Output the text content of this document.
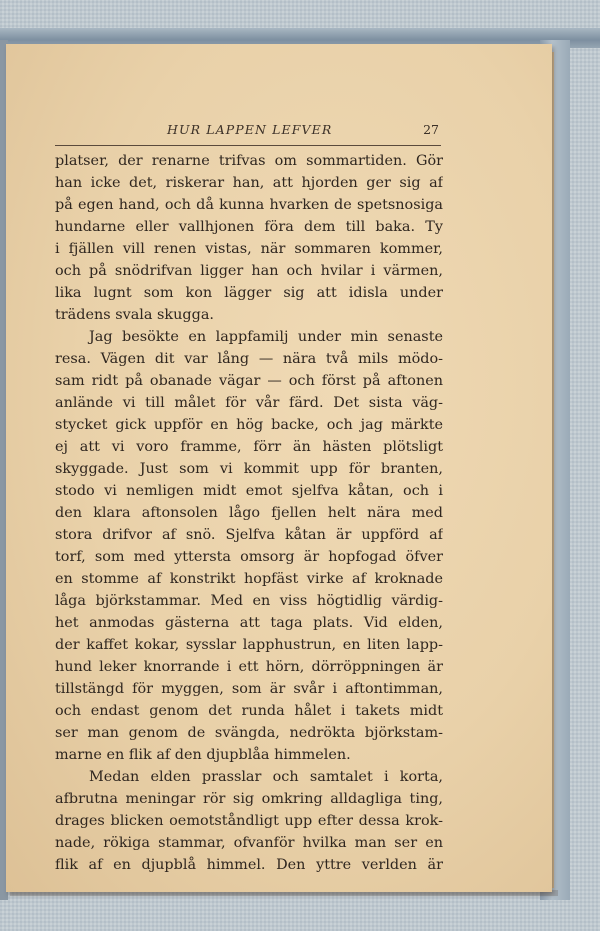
HUR LAPPEN LEFVER	27
platser, der renarne trifvas om sommartiden. Gör
han icke det, riskerar han, att hjorden ger sig af
på egen hand, och då kunna hvarken de spetsnosiga
hundarne eller vallhjonen föra dem till baka. Ty
i fjällen vill renen vistas, när sommaren kommer,
och på snödrifvan ligger han och hvilar i värmen,
lika lugnt som kon lägger sig att idisla under
trädens svala skugga.
Jag besökte en lappfamilj under min senaste
resa. Vägen dit var lång — nära två mils mödo-
sam ridt på obanade vägar — och först på aftonen
anlände vi till målet för vår färd. Det sista väg-
stycket gick uppför en hög backe, och jag märkte
ej att vi voro framme, förr än hästen plötsligt
skyggade. Just som vi kommit upp för branten,
stodo vi nemligen midt emot sjelfva kåtan, och i
den klara aftonsolen lågo fjellen helt nära med
stora drifvor af snö. Sjelfva kåtan är uppförd af
torf, som med yttersta omsorg är hopfogad öfver
en stomme af konstrikt hopfäst virke af kroknade
låga björkstammar. Med en viss högtidlig värdig-
het anmodas gästerna att taga plats. Vid elden,
der kaffet kokar, sysslar lapphustrun, en liten lapp-
hund leker knorrande i ett hörn, dörröppningen är
tillstängd för myggen, som är svår i aftontimman,
och endast genom det runda hålet i takets midt
ser man genom de svängda, nedrökta björkstam-
marne en flik af den djupblåa himmelen.
Medan elden prasslar och samtalet i korta,
afbrutna meningar rör sig omkring alldagliga ting,
drages blicken oemotståndligt upp efter dessa krok-
nade, rökiga stammar, ofvanför hvilka man ser en
flik af en djupblå himmel. Den yttre verlden är
